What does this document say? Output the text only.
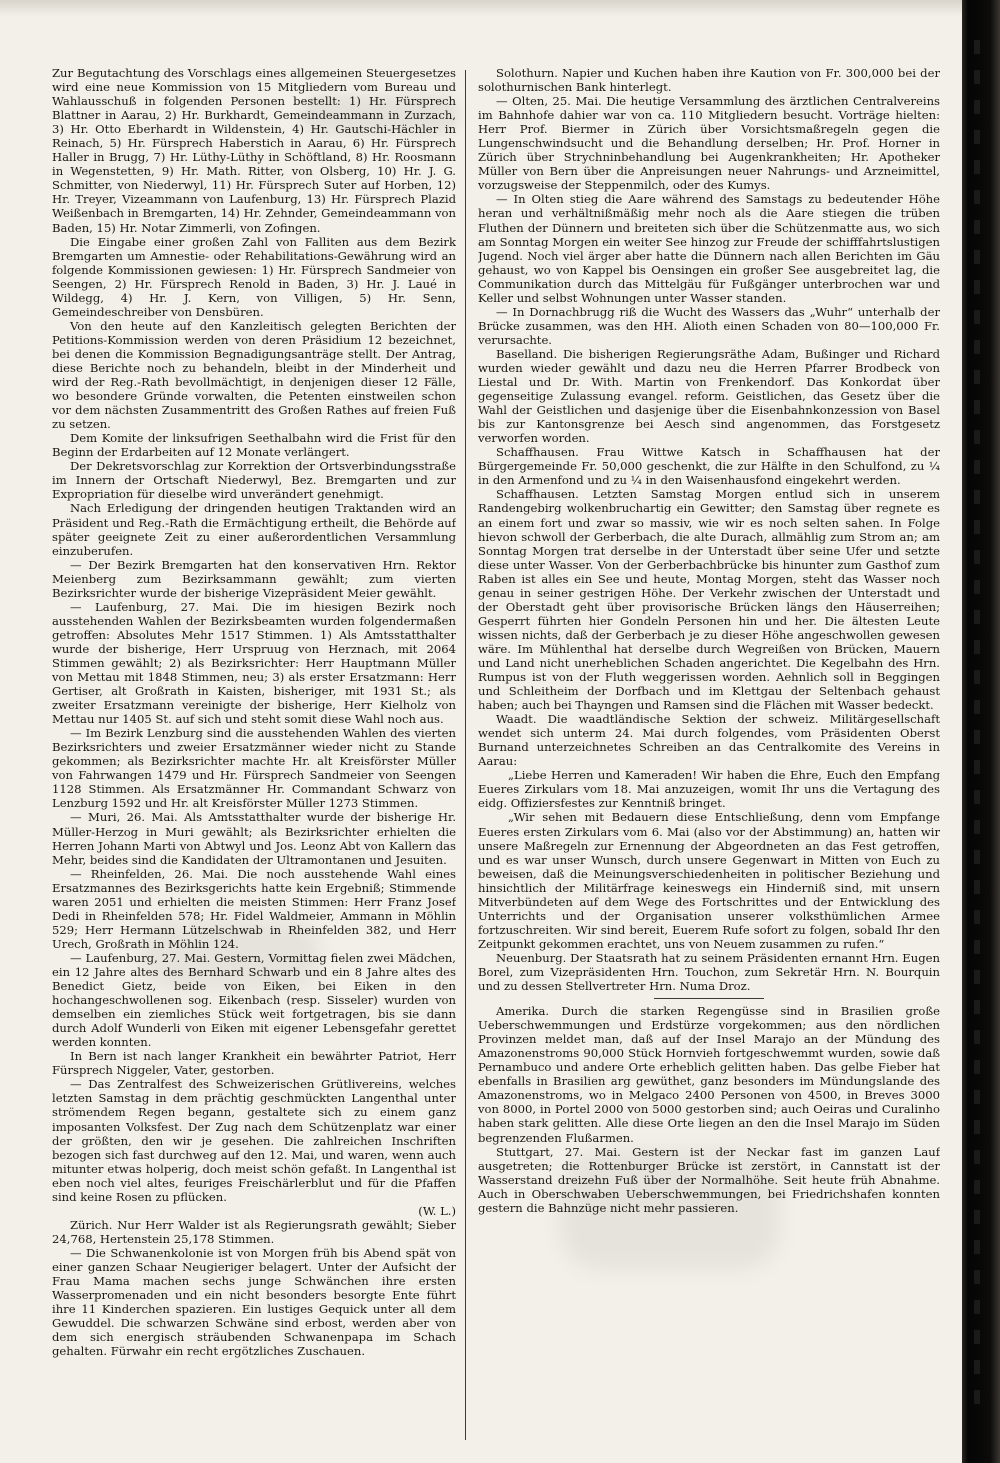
Zur Begutachtung des Vorschlags eines allgemeinen Steuergesetzes wird eine neue Kommission von 15 Mitgliedern vom Bureau und Wahlausschuß in folgenden Personen bestellt: 1) Hr. Fürsprech Blattner in Aarau, 2) Hr. Burkhardt, Gemeindeammann in Zurzach, 3) Hr. Otto Eberhardt in Wildenstein, 4) Hr. Gautschi-Hächler in Reinach, 5) Hr. Fürsprech Haberstich in Aarau, 6) Hr. Fürsprech Haller in Brugg, 7) Hr. Lüthy-Lüthy in Schöftland, 8) Hr. Roosmann in Wegenstetten, 9) Hr. Math. Ritter, von Olsberg, 10) Hr. J. G. Schmitter, von Niederwyl, 11) Hr. Fürsprech Suter auf Horben, 12) Hr. Treyer, Vizeammann von Laufenburg, 13) Hr. Fürsprech Plazid Weißenbach in Bremgarten, 14) Hr. Zehnder, Gemeindeammann von Baden, 15) Hr. Notar Zimmerli, von Zofingen.

Die Eingabe einer großen Zahl von Falliten aus dem Bezirk Bremgarten um Amnestie- oder Rehabilitations-Gewährung wird an folgende Kommissionen gewiesen: 1) Hr. Fürsprech Sandmeier von Seengen, 2) Hr. Fürsprech Renold in Baden, 3) Hr. J. Laué in Wildegg, 4) Hr. J. Kern, von Villigen, 5) Hr. Senn, Gemeindeschreiber von Densbüren.

Von den heute auf den Kanzleitisch gelegten Berichten der Petitions-Kommission werden von deren Präsidium 12 bezeichnet, bei denen die Kommission Begnadigungsanträge stellt. Der Antrag, diese Berichte noch zu behandeln, bleibt in der Minderheit und wird der Reg.-Rath bevollmächtigt, in denjenigen dieser 12 Fälle, wo besondere Gründe vorwalten, die Petenten einstweilen schon vor dem nächsten Zusammentritt des Großen Rathes auf freien Fuß zu setzen.

Dem Komite der linksufrigen Seethalbahn wird die Frist für den Beginn der Erdarbeiten auf 12 Monate verlängert.

Der Dekretsvorschlag zur Korrektion der Ortsverbindungsstraße im Innern der Ortschaft Niederwyl, Bez. Bremgarten und zur Expropriation für dieselbe wird unverändert genehmigt.

Nach Erledigung der dringenden heutigen Traktanden wird an Präsident und Reg.-Rath die Ermächtigung ertheilt, die Behörde auf später geeignete Zeit zu einer außerordentlichen Versammlung einzuberufen.

— Der Bezirk Bremgarten hat den konservativen Hrn. Rektor Meienberg zum Bezirksammann gewählt; zum vierten Bezirksrichter wurde der bisherige Vizepräsident Meier gewählt.

— Laufenburg, 27. Mai. Die im hiesigen Bezirk noch ausstehenden Wahlen der Bezirksbeamten wurden folgendermaßen getroffen: Absolutes Mehr 1517 Stimmen. 1) Als Amtsstatthalter wurde der bisherige, Herr Urspruug von Herznach, mit 2064 Stimmen gewählt; 2) als Bezirksrichter: Herr Hauptmann Müller von Mettau mit 1848 Stimmen, neu; 3) als erster Ersatzmann: Herr Gertiser, alt Großrath in Kaisten, bisheriger, mit 1931 St.; als zweiter Ersatzmann vereinigte der bisherige, Herr Kielholz von Mettau nur 1405 St. auf sich und steht somit diese Wahl noch aus.

— Im Bezirk Lenzburg sind die ausstehenden Wahlen des vierten Bezirksrichters und zweier Ersatzmänner wieder nicht zu Stande gekommen; als Bezirksrichter machte Hr. alt Kreisförster Müller von Fahrwangen 1479 und Hr. Fürsprech Sandmeier von Seengen 1128 Stimmen. Als Ersatzmänner Hr. Commandant Schwarz von Lenzburg 1592 und Hr. alt Kreisförster Müller 1273 Stimmen.

— Muri, 26. Mai. Als Amtsstatthalter wurde der bisherige Hr. Müller-Herzog in Muri gewählt; als Bezirksrichter erhielten die Herren Johann Marti von Abtwyl und Jos. Leonz Abt von Kallern das Mehr, beides sind die Kandidaten der Ultramontanen und Jesuiten.

— Rheinfelden, 26. Mai. Die noch ausstehende Wahl eines Ersatzmannes des Bezirksgerichts hatte kein Ergebniß; Stimmende waren 2051 und erhielten die meisten Stimmen: Herr Franz Josef Dedi in Rheinfelden 578; Hr. Fidel Waldmeier, Ammann in Möhlin 529; Herr Hermann Lützelschwab in Rheinfelden 382, und Herr Urech, Großrath in Möhlin 124.

— Laufenburg, 27. Mai. Gestern, Vormittag fielen zwei Mädchen, ein 12 Jahre altes des Bernhard Schwarb und ein 8 Jahre altes des Benedict Gietz, beide von Eiken, bei Eiken in den hochangeschwollenen sog. Eikenbach (resp. Sisseler) wurden von demselben ein ziemliches Stück weit fortgetragen, bis sie dann durch Adolf Wunderli von Eiken mit eigener Lebensgefahr gerettet werden konnten.

In Bern ist nach langer Krankheit ein bewährter Patriot, Herr Fürsprech Niggeler, Vater, gestorben.

— Das Zentralfest des Schweizerischen Grütlivereins, welches letzten Samstag in dem prächtig geschmückten Langenthal unter strömendem Regen begann, gestaltete sich zu einem ganz imposanten Volksfest. Der Zug nach dem Schützenplatz war einer der größten, den wir je gesehen. Die zahlreichen Inschriften bezogen sich fast durchweg auf den 12. Mai, und waren, wenn auch mitunter etwas holperig, doch meist schön gefaßt. In Langenthal ist eben noch viel altes, feuriges Freischärlerblut und für die Pfaffen sind keine Rosen zu pflücken.

(W. L.)

Zürich. Nur Herr Walder ist als Regierungsrath gewählt; Sieber 24,768, Hertenstein 25,178 Stimmen.

— Die Schwanenkolonie ist von Morgen früh bis Abend spät von einer ganzen Schaar Neugieriger belagert. Unter der Aufsicht der Frau Mama machen sechs junge Schwänchen ihre ersten Wasserpromenaden und ein nicht besonders besorgte Ente führt ihre 11 Kinderchen spazieren. Ein lustiges Gequick unter all dem Gewuddel. Die schwarzen Schwäne sind erbost, werden aber von dem sich energisch sträubenden Schwanenpapa im Schach gehalten. Fürwahr ein recht ergötzliches Zuschauen.

Solothurn. Napier und Kuchen haben ihre Kaution von Fr. 300,000 bei der solothurnischen Bank hinterlegt.

— Olten, 25. Mai. Die heutige Versammlung des ärztlichen Centralvereins im Bahnhofe dahier war von ca. 110 Mitgliedern besucht. Vorträge hielten: Herr Prof. Biermer in Zürich über Vorsichtsmaßregeln gegen die Lungenschwindsucht und die Behandlung derselben; Hr. Prof. Horner in Zürich über Strychninbehandlung bei Augenkrankheiten; Hr. Apotheker Müller von Bern über die Anpreisungen neuer Nahrungs- und Arzneimittel, vorzugsweise der Steppenmilch, oder des Kumys.

— In Olten stieg die Aare während des Samstags zu bedeutender Höhe heran und verhältnißmäßig mehr noch als die Aare stiegen die trüben Fluthen der Dünnern und breiteten sich über die Schützenmatte aus, wo sich am Sonntag Morgen ein weiter See hinzog zur Freude der schifffahrtslustigen Jugend. Noch viel ärger aber hatte die Dünnern nach allen Berichten im Gäu gehaust, wo von Kappel bis Oensingen ein großer See ausgebreitet lag, die Communikation durch das Mittelgäu für Fußgänger unterbrochen war und Keller und selbst Wohnungen unter Wasser standen.

— In Dornachbrugg riß die Wucht des Wassers das „Wuhr“ unterhalb der Brücke zusammen, was den HH. Alioth einen Schaden von 80—100,000 Fr. verursachte.

Baselland. Die bisherigen Regierungsräthe Adam, Bußinger und Richard wurden wieder gewählt und dazu neu die Herren Pfarrer Brodbeck von Liestal und Dr. With. Martin von Frenkendorf. Das Konkordat über gegenseitige Zulassung evangel. reform. Geistlichen, das Gesetz über die Wahl der Geistlichen und dasjenige über die Eisenbahnkonzession von Basel bis zur Kantonsgrenze bei Aesch sind angenommen, das Forstgesetz verworfen worden.

Schaffhausen. Frau Wittwe Katsch in Schaffhausen hat der Bürgergemeinde Fr. 50,000 geschenkt, die zur Hälfte in den Schulfond, zu ¼ in den Armenfond und zu ¼ in den Waisenhausfond eingekehrt werden.

Schaffhausen. Letzten Samstag Morgen entlud sich in unserem Randengebirg wolkenbruchartig ein Gewitter; den Samstag über regnete es an einem fort und zwar so massiv, wie wir es noch selten sahen. In Folge hievon schwoll der Gerberbach, die alte Durach, allmählig zum Strom an; am Sonntag Morgen trat derselbe in der Unterstadt über seine Ufer und setzte diese unter Wasser. Von der Gerberbachbrücke bis hinunter zum Gasthof zum Raben ist alles ein See und heute, Montag Morgen, steht das Wasser noch genau in seiner gestrigen Höhe. Der Verkehr zwischen der Unterstadt und der Oberstadt geht über provisorische Brücken längs den Häuserreihen; Gesperrt führten hier Gondeln Personen hin und her. Die ältesten Leute wissen nichts, daß der Gerberbach je zu dieser Höhe angeschwollen gewesen wäre. Im Mühlenthal hat derselbe durch Wegreißen von Brücken, Mauern und Land nicht unerheblichen Schaden angerichtet. Die Kegelbahn des Hrn. Rumpus ist von der Fluth weggerissen worden. Aehnlich soll in Beggingen und Schleitheim der Dorfbach und im Klettgau der Seltenbach gehaust haben; auch bei Thayngen und Ramsen sind die Flächen mit Wasser bedeckt.

Waadt. Die waadtländische Sektion der schweiz. Militärgesellschaft wendet sich unterm 24. Mai durch folgendes, vom Präsidenten Oberst Burnand unterzeichnetes Schreiben an das Centralkomite des Vereins in Aarau:

„Liebe Herren und Kameraden! Wir haben die Ehre, Euch den Empfang Eueres Zirkulars vom 18. Mai anzuzeigen, womit Ihr uns die Vertagung des eidg. Offiziersfestes zur Kenntniß bringet.

„Wir sehen mit Bedauern diese Entschließung, denn vom Empfange Eueres ersten Zirkulars vom 6. Mai (also vor der Abstimmung) an, hatten wir unsere Maßregeln zur Ernennung der Abgeordneten an das Fest getroffen, und es war unser Wunsch, durch unsere Gegenwart in Mitten von Euch zu beweisen, daß die Meinungsverschiedenheiten in politischer Beziehung und hinsichtlich der Militärfrage keineswegs ein Hinderniß sind, mit unsern Mitverbündeten auf dem Wege des Fortschrittes und der Entwicklung des Unterrichts und der Organisation unserer volksthümlichen Armee fortzuschreiten. Wir sind bereit, Euerem Rufe sofort zu folgen, sobald Ihr den Zeitpunkt gekommen erachtet, uns von Neuem zusammen zu rufen.“

Neuenburg. Der Staatsrath hat zu seinem Präsidenten ernannt Hrn. Eugen Borel, zum Vizepräsidenten Hrn. Touchon, zum Sekretär Hrn. N. Bourquin und zu dessen Stellvertreter Hrn. Numa Droz.

Amerika. Durch die starken Regengüsse sind in Brasilien große Ueberschwemmungen und Erdstürze vorgekommen; aus den nördlichen Provinzen meldet man, daß auf der Insel Marajo an der Mündung des Amazonenstroms 90,000 Stück Hornvieh fortgeschwemmt wurden, sowie daß Pernambuco und andere Orte erheblich gelitten haben. Das gelbe Fieber hat ebenfalls in Brasilien arg gewüthet, ganz besonders im Mündungslande des Amazonenstroms, wo in Melgaco 2400 Personen von 4500, in Breves 3000 von 8000, in Portel 2000 von 5000 gestorben sind; auch Oeiras und Curalinho haben stark gelitten. Alle diese Orte liegen an den die Insel Marajo im Süden begrenzenden Flußarmen.

Stuttgart, 27. Mai. Gestern ist der Neckar fast im ganzen Lauf ausgetreten; die Rottenburger Brücke ist zerstört, in Cannstatt ist der Wasserstand dreizehn Fuß über der Normalhöhe. Seit heute früh Abnahme. Auch in Oberschwaben Ueberschwemmungen, bei Friedrichshafen konnten gestern die Bahnzüge nicht mehr passieren.
